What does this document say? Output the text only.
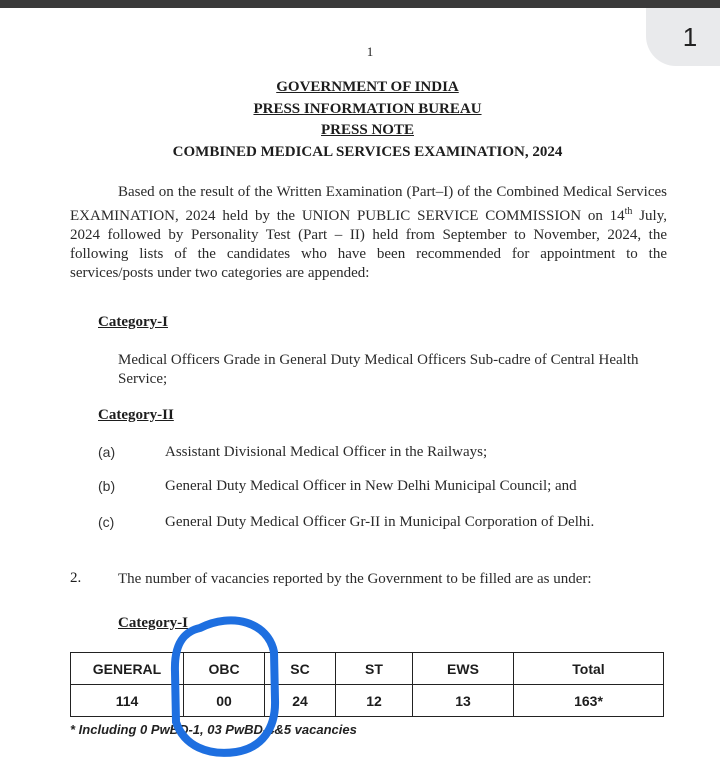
1
1
GOVERNMENT OF INDIA
PRESS INFORMATION BUREAU
PRESS NOTE
COMBINED MEDICAL SERVICES EXAMINATION, 2024
Based on the result of the Written Examination (Part–I) of the Combined Medical Services EXAMINATION, 2024 held by the UNION PUBLIC SERVICE COMMISSION on 14th July, 2024 followed by Personality Test (Part – II) held from September to November, 2024, the following lists of the candidates who have been recommended for appointment to the services/posts under two categories are appended:
Category-I
Medical Officers Grade in General Duty Medical Officers Sub-cadre of Central Health Service;
Category-II
(a)	Assistant Divisional Medical Officer in the Railways;
(b)	General Duty Medical Officer in New Delhi Municipal Council; and
(c)	General Duty Medical Officer Gr-II in Municipal Corporation of Delhi.
2.	The number of vacancies reported by the Government to be filled are as under:
Category-I
GENERAL	OBC	SC	ST	EWS	Total
114	00	24	12	13	163*
* Including 0 PwBD-1, 03 PwBD-4&5 vacancies
